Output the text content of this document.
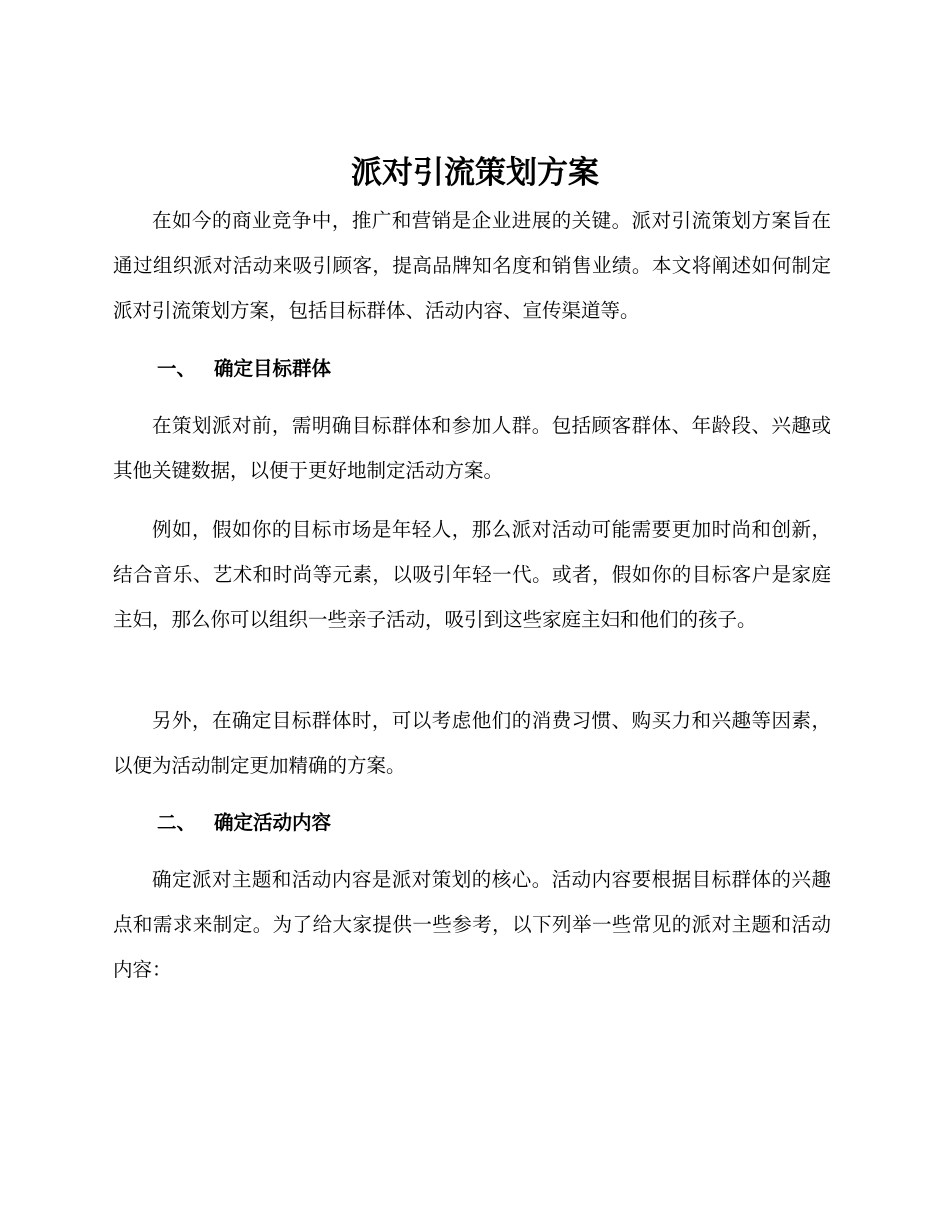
派对引流策划方案

在如今的商业竞争中，推广和营销是企业进展的关键。派对引流策划方案旨在通过组织派对活动来吸引顾客，提高品牌知名度和销售业绩。本文将阐述如何制定派对引流策划方案，包括目标群体、活动内容、宣传渠道等。

一、 确定目标群体

在策划派对前，需明确目标群体和参加人群。包括顾客群体、年龄段、兴趣或其他关键数据，以便于更好地制定活动方案。

例如，假如你的目标市场是年轻人，那么派对活动可能需要更加时尚和创新，结合音乐、艺术和时尚等元素，以吸引年轻一代。或者，假如你的目标客户是家庭主妇，那么你可以组织一些亲子活动，吸引到这些家庭主妇和他们的孩子。

另外，在确定目标群体时，可以考虑他们的消费习惯、购买力和兴趣等因素，以便为活动制定更加精确的方案。

二、 确定活动内容

确定派对主题和活动内容是派对策划的核心。活动内容要根据目标群体的兴趣点和需求来制定。为了给大家提供一些参考，以下列举一些常见的派对主题和活动内容：
